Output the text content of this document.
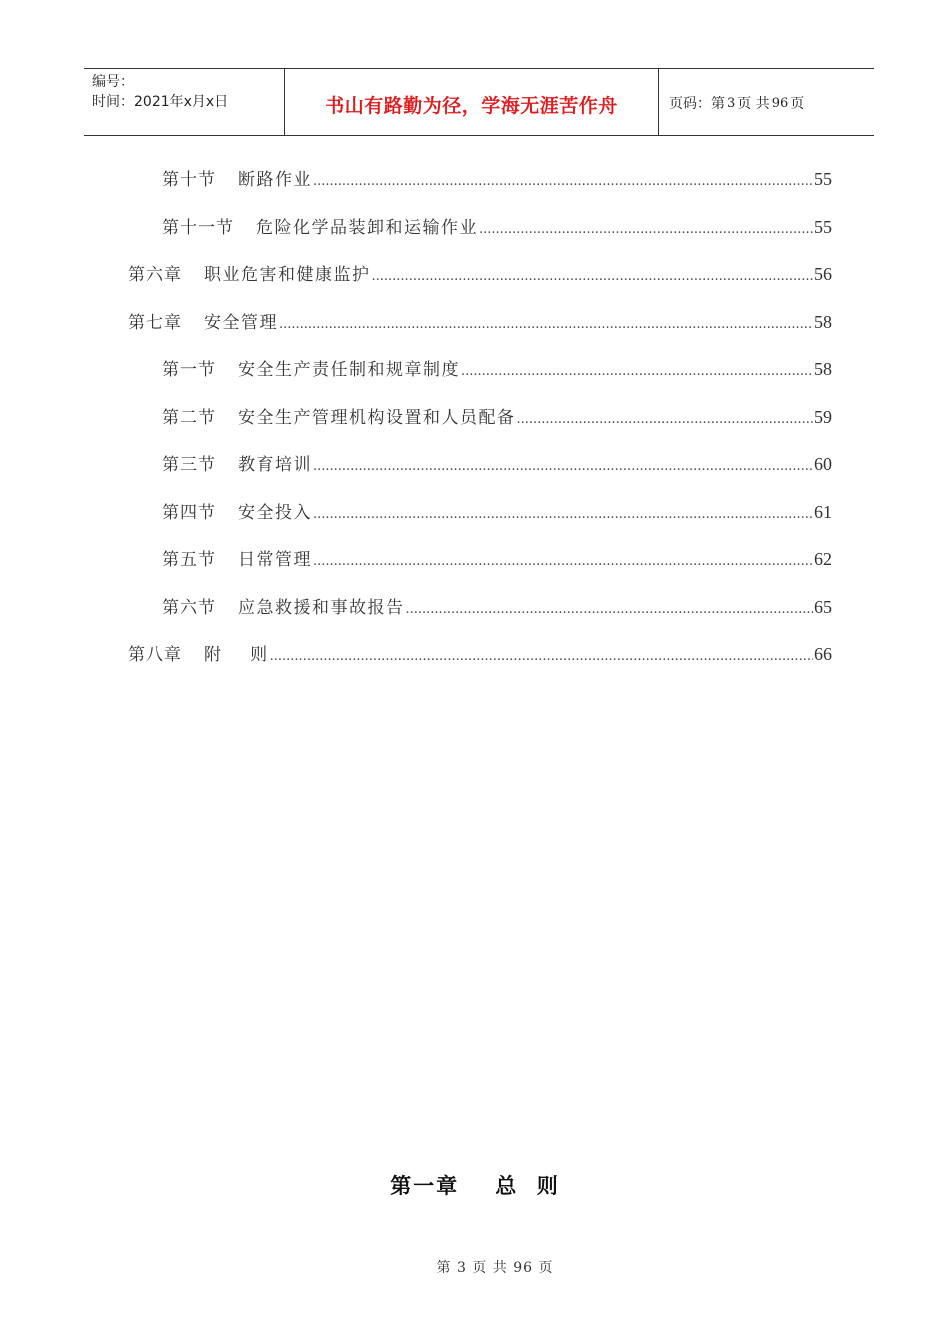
编号：
时间：2021年x月x日	书山有路勤为径，学海无涯苦作舟	页码：第 3 页 共 96 页
第十节 断路作业 .....	55
第十一节 危险化学品装卸和运输作业 .....	55
第六章 职业危害和健康监护 .....	56
第七章 安全管理 .....	58
第一节 安全生产责任制和规章制度 .....	58
第二节 安全生产管理机构设置和人员配备 .....	59
第三节 教育培训 .....	60
第四节 安全投入 .....	61
第五节 日常管理 .....	62
第六节 应急救援和事故报告 .....	65
第八章 附    则 .....	66
第一章 总  则
第 3 页 共 96 页
